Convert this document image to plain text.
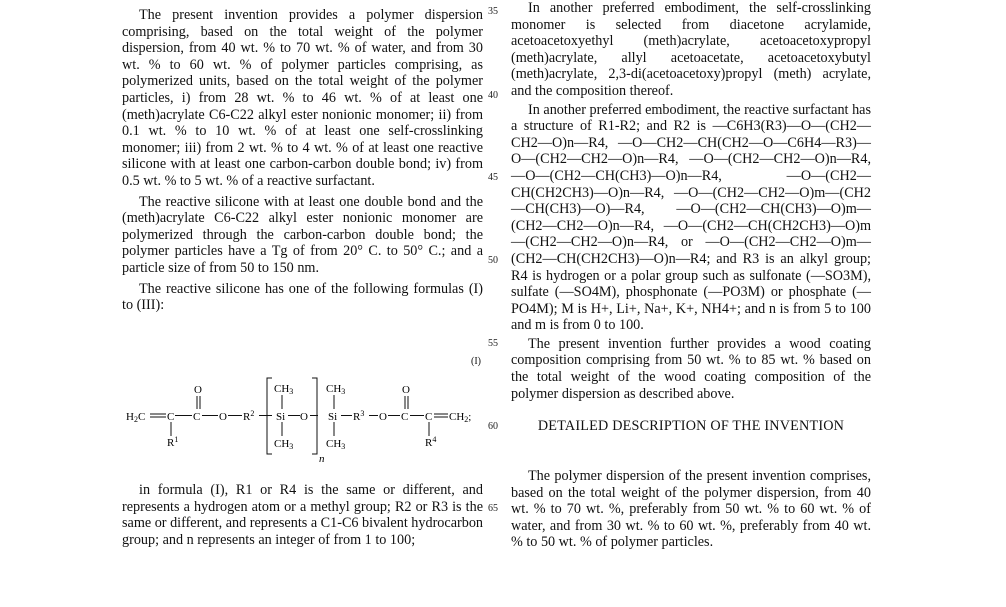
The present invention provides a polymer dispersion comprising, based on the total weight of the polymer dispersion, from 40 wt. % to 70 wt. % of water, and from 30 wt. % to 60 wt. % of polymer particles comprising, as polymerized units, based on the total weight of the polymer particles, i) from 28 wt. % to 46 wt. % of at least one (meth)acrylate C6-C22 alkyl ester nonionic monomer; ii) from 0.1 wt. % to 10 wt. % of at least one self-crosslinking monomer; iii) from 2 wt. % to 4 wt. % of at least one reactive silicone with at least one carbon-carbon double bond; iv) from 0.5 wt. % to 5 wt. % of a reactive surfactant.

The reactive silicone with at least one double bond and the (meth)acrylate C6-C22 alkyl ester nonionic monomer are polymerized through the carbon-carbon double bond; the polymer particles have a Tg of from 20° C. to 50° C.; and a particle size of from 50 to 150 nm.

The reactive silicone has one of the following formulas (I) to (III):

(I)
H2C C
$R^1$
C
O
O $R^2$
CH3
Si
CH3
O
n
CH3
Si
CH3
$R^3$ O C
O
C
$R^4$
CH2;

in formula (I), R1 or R4 is the same or different, and represents a hydrogen atom or a methyl group; R2 or R3 is the same or different, and represents a C1-C6 bivalent hydrocarbon group; and n represents an integer of from 1 to 100;

35
40
45
50
55
60
65

In another preferred embodiment, the self-crosslinking monomer is selected from diacetone acrylamide, acetoacetoxyethyl (meth)acrylate, acetoacetoxypropyl (meth)acrylate, allyl acetoacetate, acetoacetoxybutyl (meth)acrylate, 2,3-di(acetoacetoxy)propyl (meth) acrylate, and the composition thereof.

In another preferred embodiment, the reactive surfactant has a structure of R1-R2; and R2 is —C6H3(R3)—O—(CH2—CH2—O)n—R4, —O—CH2—CH(CH2—O—C6H4—R3)—O—(CH2—CH2—O)n—R4, —O—(CH2—CH2—O)n—R4, —O—(CH2—CH(CH3)—O)n—R4, —O—(CH2—CH(CH2CH3)—O)n—R4, —O—(CH2—CH2—O)m—(CH2—CH(CH3)—O)—R4, —O—(CH2—CH(CH3)—O)m—(CH2—CH2—O)n—R4, —O—(CH2—CH(CH2CH3)—O)m—(CH2—CH2—O)n—R4, or —O—(CH2—CH2—O)m—(CH2—CH(CH2CH3)—O)n—R4; and R3 is an alkyl group; R4 is hydrogen or a polar group such as sulfonate (—SO3M), sulfate (—SO4M), phosphonate (—PO3M) or phosphate (—PO4M); M is H+, Li+, Na+, K+, NH4+; and n is from 5 to 100 and m is from 0 to 100.

The present invention further provides a wood coating composition comprising from 50 wt. % to 85 wt. % based on the total weight of the wood coating composition of the polymer dispersion as described above.

DETAILED DESCRIPTION OF THE INVENTION

The polymer dispersion of the present invention comprises, based on the total weight of the polymer dispersion, from 40 wt. % to 70 wt. %, preferably from 50 wt. % to 60 wt. % of water, and from 30 wt. % to 60 wt. %, preferably from 40 wt. % to 50 wt. % of polymer particles.
